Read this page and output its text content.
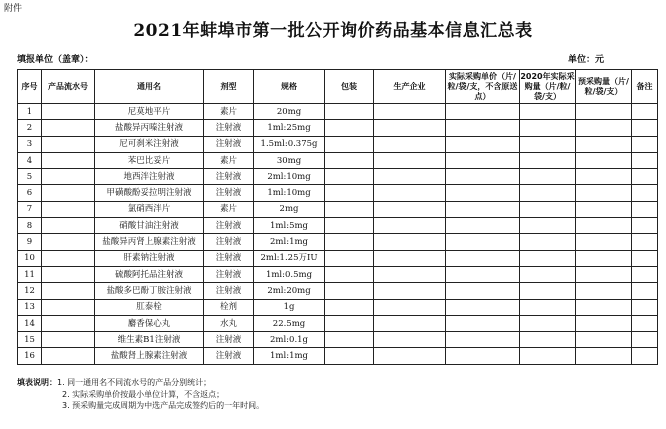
附件
2021年蚌埠市第一批公开询价药品基本信息汇总表
填报单位（盖章）：	单位：元
序号	产品流水号	通用名	剂型	规格	包装	生产企业	实际采购单价（片/粒/袋/支，不含原送点）	2020年实际采购量（片/粒/袋/支）	预采购量（片/粒/袋/支）	备注
1		尼莫地平片	素片	20mg						
2		盐酸异丙嗪注射液	注射液	1ml:25mg						
3		尼可刹米注射液	注射液	1.5ml:0.375g						
4		苯巴比妥片	素片	30mg						
5		地西泮注射液	注射液	2ml:10mg						
6		甲磺酸酚妥拉明注射液	注射液	1ml:10mg						
7		氯硝西泮片	素片	2mg						
8		硝酸甘油注射液	注射液	1ml:5mg						
9		盐酸异丙肾上腺素注射液	注射液	2ml:1mg						
10		肝素钠注射液	注射液	2ml:1.25万IU						
11		硫酸阿托品注射液	注射液	1ml:0.5mg						
12		盐酸多巴酚丁胺注射液	注射液	2ml:20mg						
13		肛泰栓	栓剂	1g						
14		麝香保心丸	水丸	22.5mg						
15		维生素B1注射液	注射液	2ml:0.1g						
16		盐酸肾上腺素注射液	注射液	1ml:1mg						
填表说明：1. 同一通用名不同流水号的产品分别统计；
2. 实际采购单价按最小单位计算，不含返点；
3. 预采购量完成周期为中选产品完成签约后的一年时间。
